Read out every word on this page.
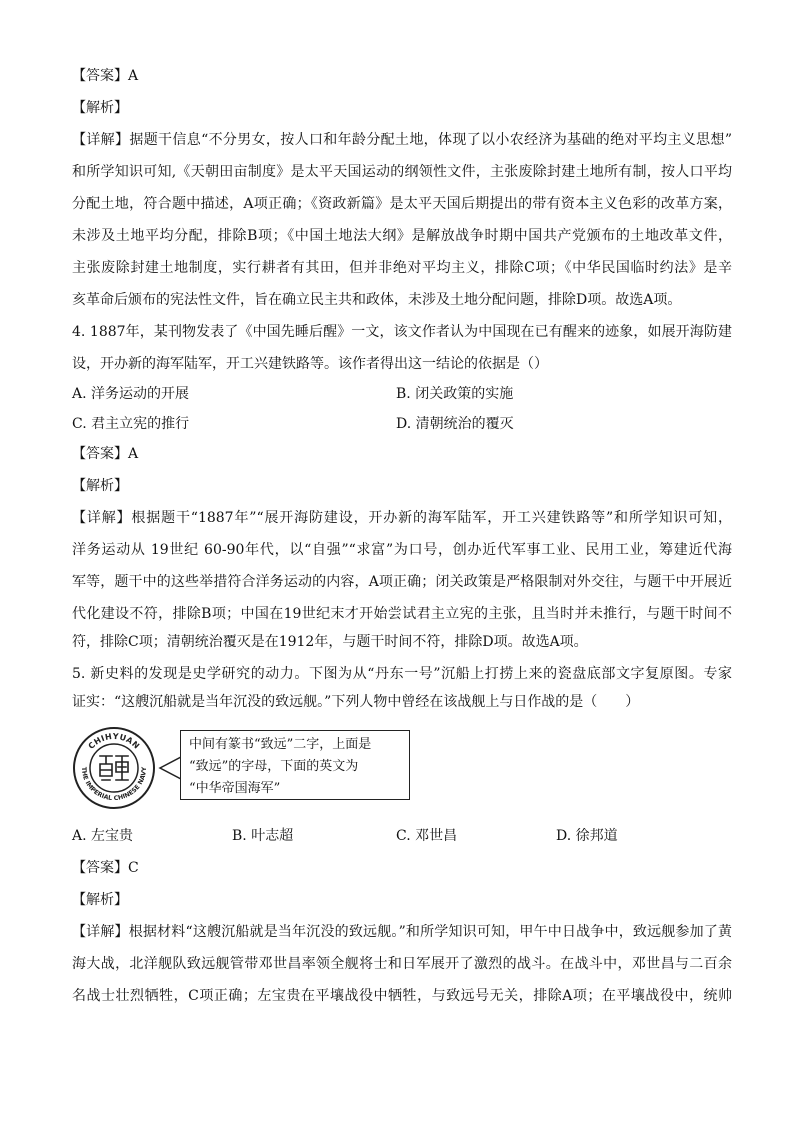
【答案】A
【解析】
【详解】据题干信息“不分男女，按人口和年龄分配土地，体现了以小农经济为基础的绝对平均主义思想”
和所学知识可知,《天朝田亩制度》是太平天国运动的纲领性文件，主张废除封建土地所有制，按人口平均
分配土地，符合题中描述，A项正确；《资政新篇》是太平天国后期提出的带有资本主义色彩的改革方案，
未涉及土地平均分配，排除B项；《中国土地法大纲》是解放战争时期中国共产党颁布的土地改革文件，
主张废除封建土地制度，实行耕者有其田，但并非绝对平均主义，排除C项；《中华民国临时约法》是辛
亥革命后颁布的宪法性文件，旨在确立民主共和政体，未涉及土地分配问题，排除D项。故选A项。
4. 1887年，某刊物发表了《中国先睡后醒》一文，该文作者认为中国现在已有醒来的迹象，如展开海防建
设，开办新的海军陆军，开工兴建铁路等。该作者得出这一结论的依据是（）
A. 洋务运动的开展	B. 闭关政策的实施
C. 君主立宪的推行	D. 清朝统治的覆灭
【答案】A
【解析】
【详解】根据题干“1887年”“展开海防建设，开办新的海军陆军，开工兴建铁路等”和所学知识可知，
洋务运动从 19世纪 60-90年代，以“自强”“求富”为口号，创办近代军事工业、民用工业，筹建近代海
军等，题干中的这些举措符合洋务运动的内容，A项正确；闭关政策是严格限制对外交往，与题干中开展近
代化建设不符，排除B项；中国在19世纪末才开始尝试君主立宪的主张，且当时并未推行，与题干时间不
符，排除C项；清朝统治覆灭是在1912年，与题干时间不符，排除D项。故选A项。
5. 新史料的发现是史学研究的动力。下图为从“丹东一号”沉船上打捞上来的瓷盘底部文字复原图。专家
证实：“这艘沉船就是当年沉没的致远舰。”下列人物中曾经在该战舰上与日作战的是（　　）
CHIHYUAN
THE IMPERIAL CHINESE NAVY
中间有篆书“致远”二字，上面是
“致远”的字母，下面的英文为
“中华帝国海军”
A. 左宝贵	B. 叶志超	C. 邓世昌	D. 徐邦道
【答案】C
【解析】
【详解】根据材料“这艘沉船就是当年沉没的致远舰。”和所学知识可知，甲午中日战争中，致远舰参加了黄
海大战，北洋舰队致远舰管带邓世昌率领全舰将士和日军展开了激烈的战斗。在战斗中，邓世昌与二百余
名战士壮烈牺牲，C项正确；左宝贵在平壤战役中牺牲，与致远号无关，排除A项；在平壤战役中，统帅
